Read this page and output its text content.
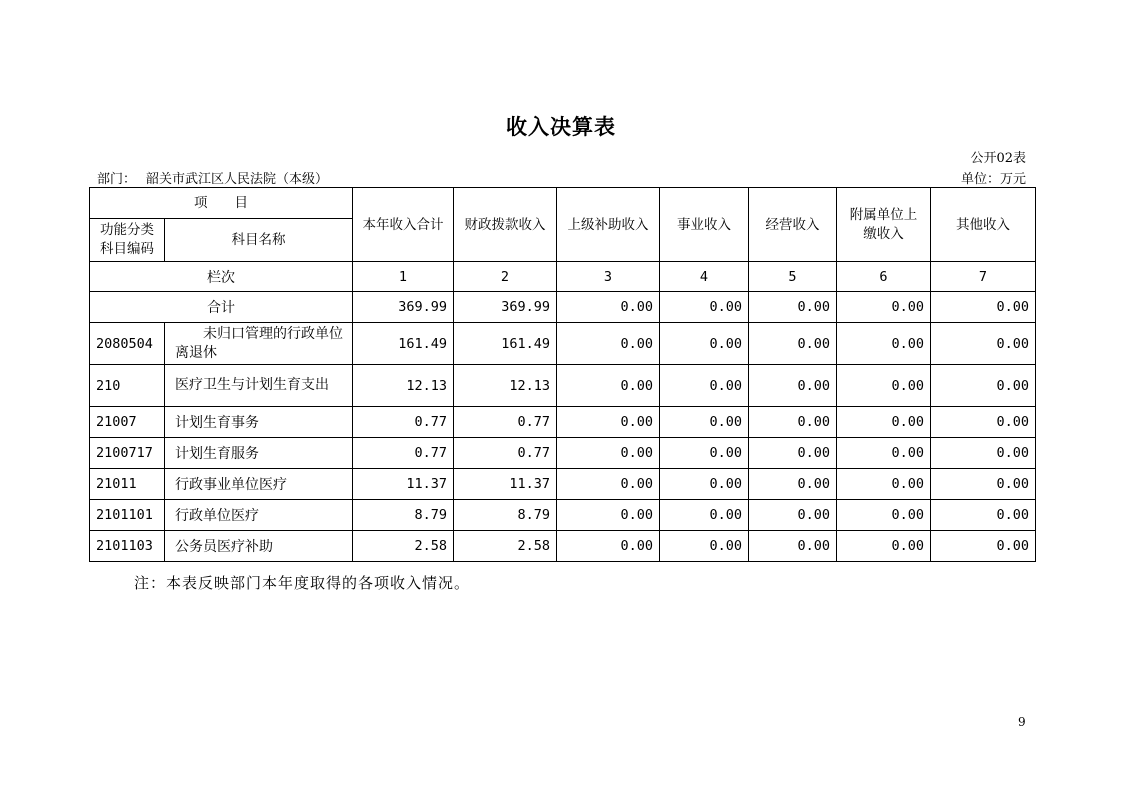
收入决算表
公开02表
部门： 韶关市武江区人民法院（本级）	单位：万元
项　　目		本年收入合计	财政拨款收入	上级补助收入	事业收入	经营收入	附属单位上缴收入	其他收入
功能分类科目编码	科目名称							
栏次		1	2	3	4	5	6	7
合计		369.99	369.99	0.00	0.00	0.00	0.00	0.00
2080504	未归口管理的行政单位离退休	161.49	161.49	0.00	0.00	0.00	0.00	0.00
210	医疗卫生与计划生育支出	12.13	12.13	0.00	0.00	0.00	0.00	0.00
21007	计划生育事务	0.77	0.77	0.00	0.00	0.00	0.00	0.00
2100717	计划生育服务	0.77	0.77	0.00	0.00	0.00	0.00	0.00
21011	行政事业单位医疗	11.37	11.37	0.00	0.00	0.00	0.00	0.00
2101101	行政单位医疗	8.79	8.79	0.00	0.00	0.00	0.00	0.00
2101103	公务员医疗补助	2.58	2.58	0.00	0.00	0.00	0.00	0.00
注：本表反映部门本年度取得的各项收入情况。
9
